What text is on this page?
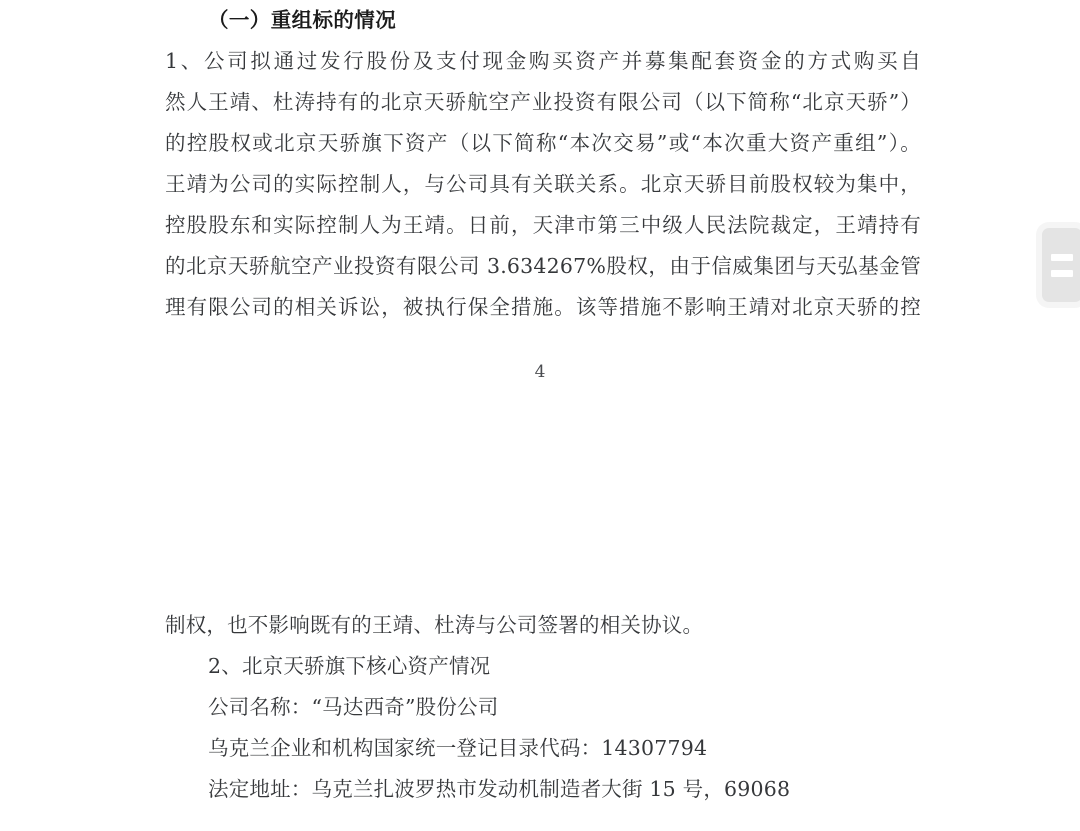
（一）重组标的情况
1、公司拟通过发行股份及支付现金购买资产并募集配套资金的方式购买自
然人王靖、杜涛持有的北京天骄航空产业投资有限公司（以下简称“北京天骄”）
的控股权或北京天骄旗下资产（以下简称“本次交易”或“本次重大资产重组”）。
王靖为公司的实际控制人，与公司具有关联关系。北京天骄目前股权较为集中，
控股股东和实际控制人为王靖。日前，天津市第三中级人民法院裁定，王靖持有
的北京天骄航空产业投资有限公司 3.634267%股权，由于信威集团与天弘基金管
理有限公司的相关诉讼，被执行保全措施。该等措施不影响王靖对北京天骄的控
4
制权，也不影响既有的王靖、杜涛与公司签署的相关协议。
2、北京天骄旗下核心资产情况
公司名称：“马达西奇”股份公司
乌克兰企业和机构国家统一登记目录代码：14307794
法定地址：乌克兰扎波罗热市发动机制造者大街 15 号，69068
